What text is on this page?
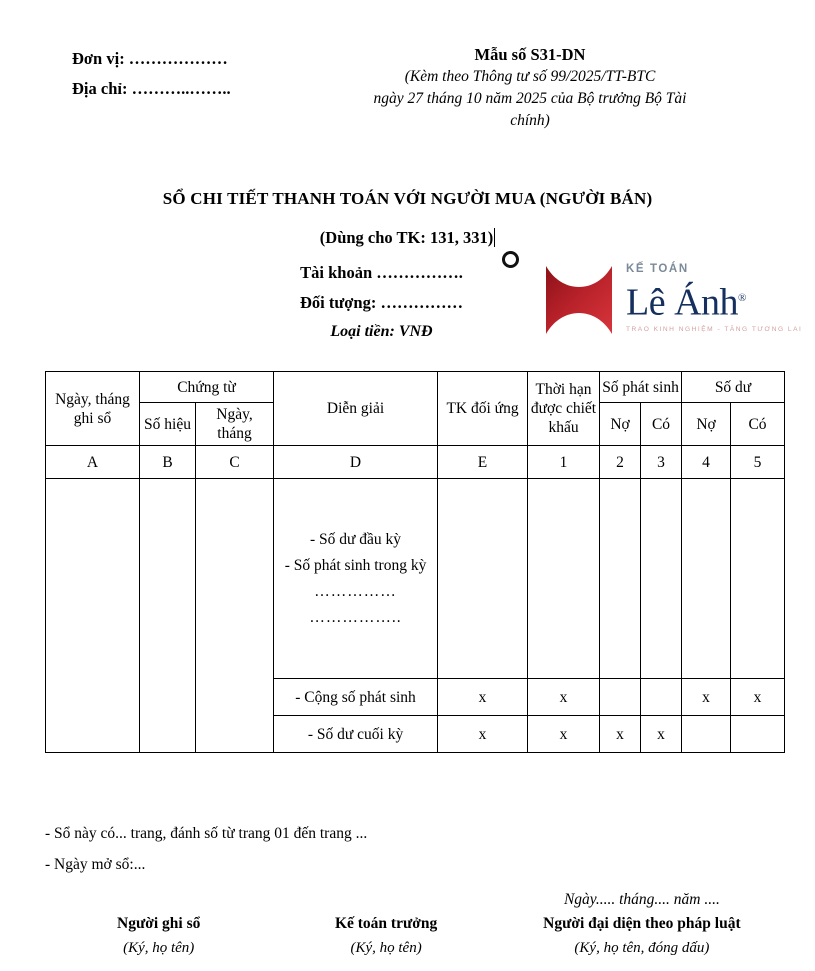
Đơn vị: ………………
Địa chỉ: ………..……..
Mẫu số S31-DN
(Kèm theo Thông tư số 99/2025/TT-BTC
ngày 27 tháng 10 năm 2025 của Bộ trưởng Bộ Tài
chính)
SỔ CHI TIẾT THANH TOÁN VỚI NGƯỜI MUA (NGƯỜI BÁN)
(Dùng cho TK: 131, 331)
Tài khoản …………….
Đối tượng: ……………
Loại tiền: VNĐ
KẾ TOÁN
Lê Ánh®
TRAO KINH NGHIỆM - TĂNG TƯƠNG LAI
Ngày, tháng ghi sổ	Chứng từ		Diễn giải	TK đối ứng	Thời hạn được chiết khấu	Số phát sinh		Số dư	
	Số hiệu	Ngày, tháng				Nợ	Có	Nợ	Có
A	B	C	D	E	1	2	3	4	5

			- Số dư đầu kỳ
- Số phát sinh trong kỳ
……………
……………..						

			- Cộng số phát sinh	x	x			x	x
			- Số dư cuối kỳ	x	x	x	x		
- Sổ này có... trang, đánh số từ trang 01 đến trang ...
- Ngày mở sổ:...
Người ghi sổ
(Ký, họ tên)
Kế toán trưởng
(Ký, họ tên)
Ngày..... tháng.... năm ....
Người đại diện theo pháp luật
(Ký, họ tên, đóng dấu)
